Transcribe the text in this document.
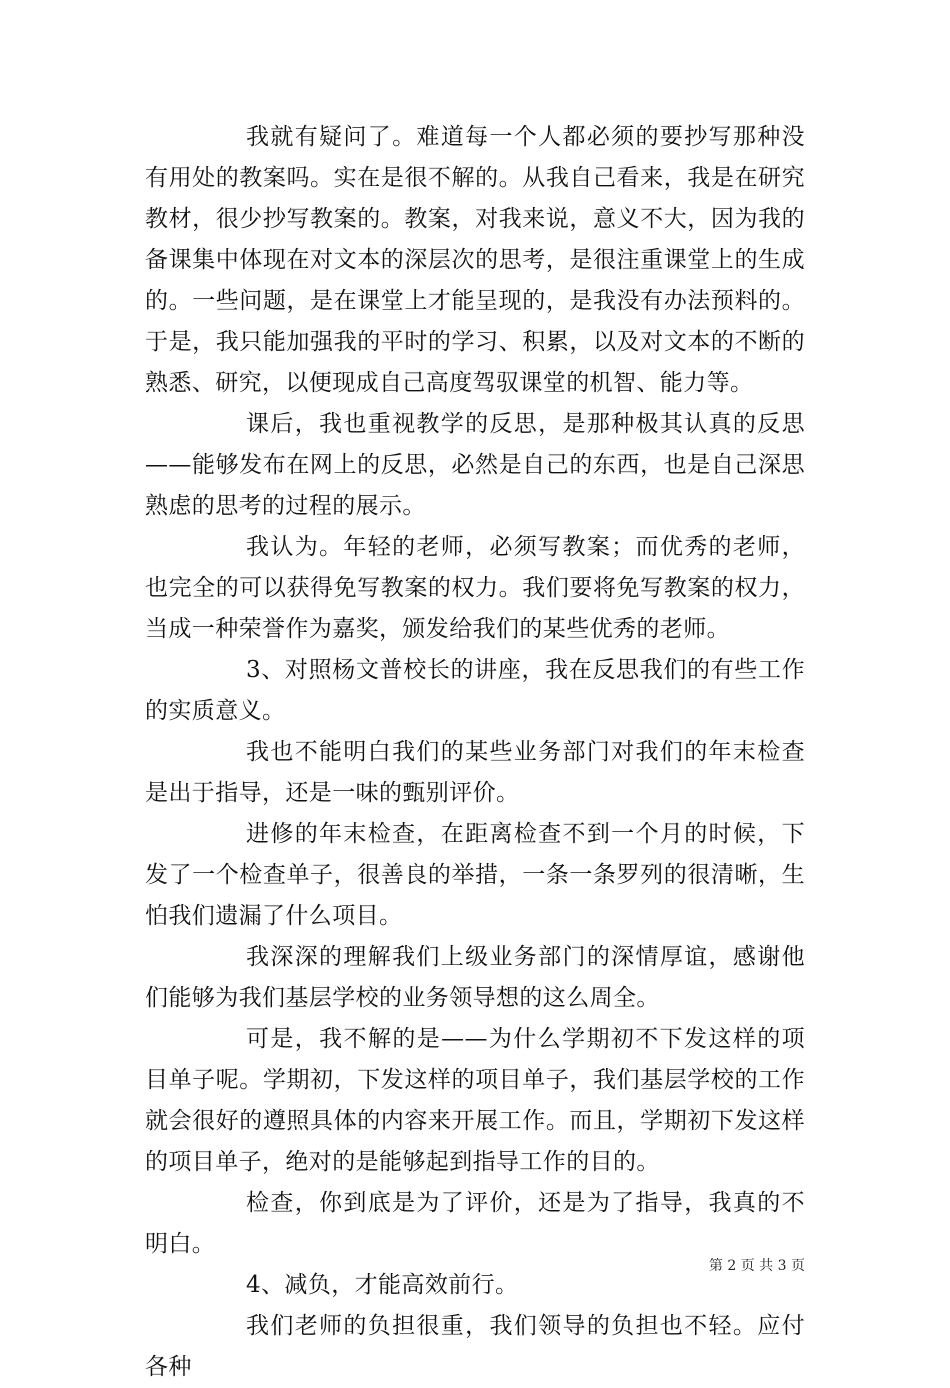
我就有疑问了。难道每一个人都必须的要抄写那种没有用处的教案吗。实在是很不解的。从我自己看来，我是在研究教材，很少抄写教案的。教案，对我来说，意义不大，因为我的备课集中体现在对文本的深层次的思考，是很注重课堂上的生成的。一些问题，是在课堂上才能呈现的，是我没有办法预料的。于是，我只能加强我的平时的学习、积累，以及对文本的不断的熟悉、研究，以便现成自己高度驾驭课堂的机智、能力等。

课后，我也重视教学的反思，是那种极其认真的反思——能够发布在网上的反思，必然是自己的东西，也是自己深思熟虑的思考的过程的展示。

我认为。年轻的老师，必须写教案；而优秀的老师，也完全的可以获得免写教案的权力。我们要将免写教案的权力，当成一种荣誉作为嘉奖，颁发给我们的某些优秀的老师。

3、对照杨文普校长的讲座，我在反思我们的有些工作的实质意义。

我也不能明白我们的某些业务部门对我们的年末检查是出于指导，还是一味的甄别评价。

进修的年末检查，在距离检查不到一个月的时候，下发了一个检查单子，很善良的举措，一条一条罗列的很清晰，生怕我们遗漏了什么项目。

我深深的理解我们上级业务部门的深情厚谊，感谢他们能够为我们基层学校的业务领导想的这么周全。

可是，我不解的是——为什么学期初不下发这样的项目单子呢。学期初，下发这样的项目单子，我们基层学校的工作就会很好的遵照具体的内容来开展工作。而且，学期初下发这样的项目单子，绝对的是能够起到指导工作的目的。

检查，你到底是为了评价，还是为了指导，我真的不明白。

4、减负，才能高效前行。

我们老师的负担很重，我们领导的负担也不轻。应付各种

第 2 页 共 3 页
